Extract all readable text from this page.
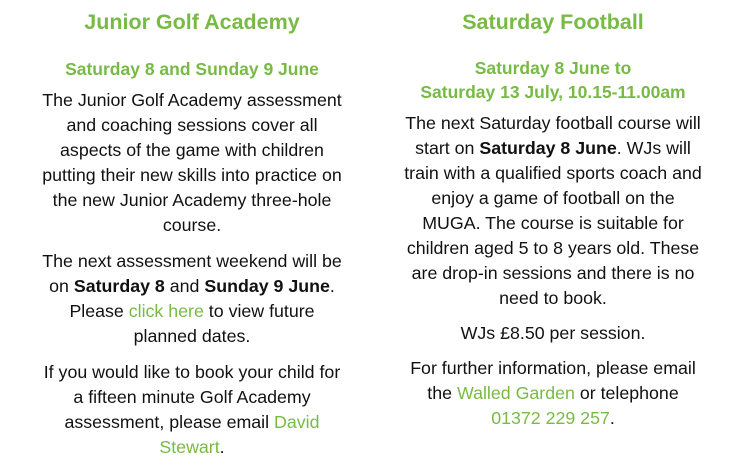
Junior Golf Academy
Saturday 8 and Sunday 9 June

The Junior Golf Academy assessment
and coaching sessions cover all
aspects of the game with children
putting their new skills into practice on
the new Junior Academy three-hole
course.

The next assessment weekend will be
on Saturday 8 and Sunday 9 June.
Please click here to view future
planned dates.

If you would like to book your child for
a fifteen minute Golf Academy
assessment, please email David
Stewart.

Saturday Football
Saturday 8 June to
Saturday 13 July, 10.15-11.00am

The next Saturday football course will
start on Saturday 8 June. WJs will
train with a qualified sports coach and
enjoy a game of football on the
MUGA. The course is suitable for
children aged 5 to 8 years old. These
are drop-in sessions and there is no
need to book.

WJs £8.50 per session.

For further information, please email
the Walled Garden or telephone
01372 229 257.
